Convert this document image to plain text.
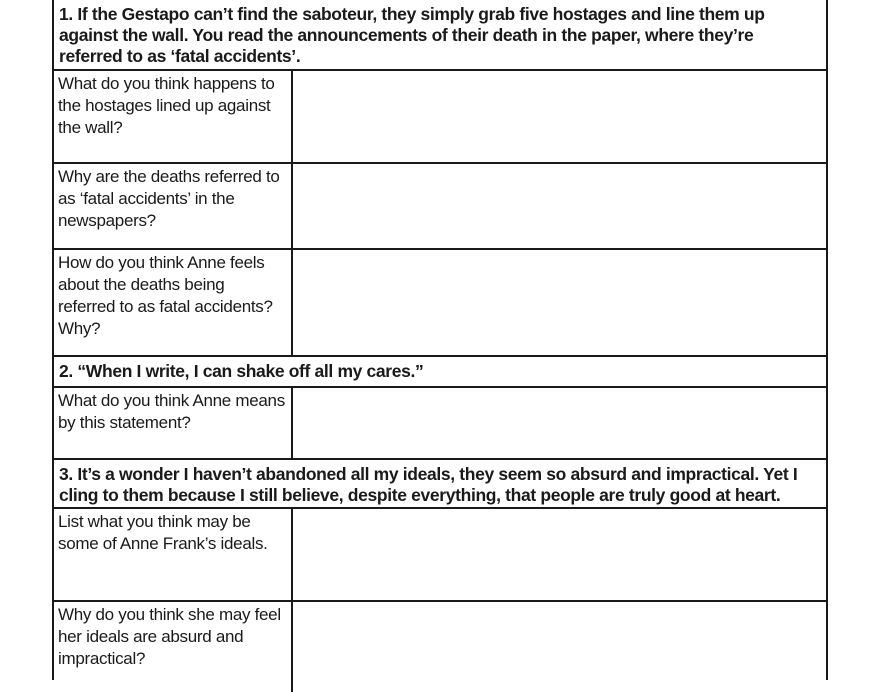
1. If the Gestapo can’t find the saboteur, they simply grab five hostages and line them up against the wall. You read the announcements of their death in the paper, where they’re referred to as ‘fatal accidents’.
What do you think happens to the hostages lined up against the wall?
Why are the deaths referred to as ‘fatal accidents’ in the newspapers?
How do you think Anne feels about the deaths being referred to as fatal accidents? Why?
2. “When I write, I can shake off all my cares.”
What do you think Anne means by this statement?
3. It’s a wonder I haven’t abandoned all my ideals, they seem so absurd and impractical. Yet I cling to them because I still believe, despite everything, that people are truly good at heart.
List what you think may be some of Anne Frank’s ideals.
Why do you think she may feel her ideals are absurd and impractical?
